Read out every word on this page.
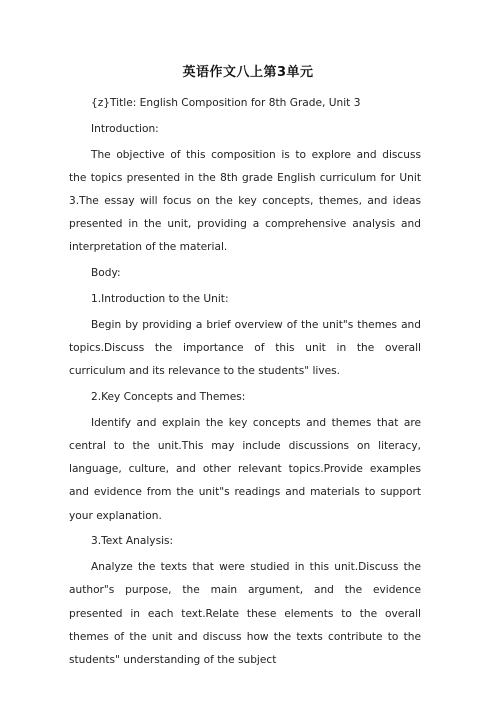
英语作文八上第3单元

{z}Title: English Composition for 8th Grade, Unit 3

Introduction:

The objective of this composition is to explore and discuss the topics presented in the 8th grade English curriculum for Unit 3.The essay will focus on the key concepts, themes, and ideas presented in the unit, providing a comprehensive analysis and interpretation of the material.

Body:

1.Introduction to the Unit:

Begin by providing a brief overview of the unit"s themes and topics.Discuss the importance of this unit in the overall curriculum and its relevance to the students" lives.

2.Key Concepts and Themes:

Identify and explain the key concepts and themes that are central to the unit.This may include discussions on literacy, language, culture, and other relevant topics.Provide examples and evidence from the unit"s readings and materials to support your explanation.

3.Text Analysis:

Analyze the texts that were studied in this unit.Discuss the author"s purpose, the main argument, and the evidence presented in each text.Relate these elements to the overall themes of the unit and discuss how the texts contribute to the students" understanding of the subject
